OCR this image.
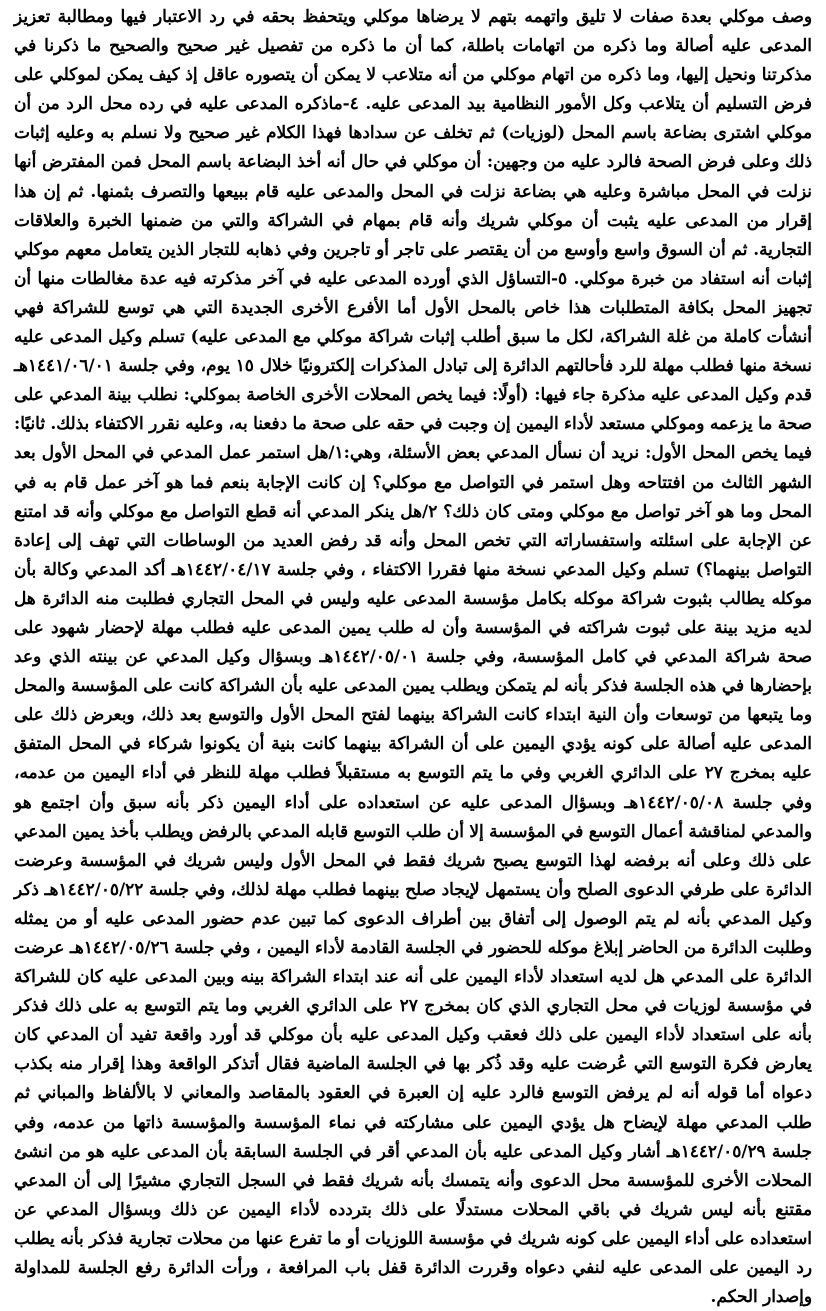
وصف موكلي بعدة صفات لا تليق واتهمه بتهم لا يرضاها موكلي ويتحفظ بحقه في رد الاعتبار فيها ومطالبة تعزيز المدعى عليه أصالة وما ذكره من اتهامات باطلة، كما أن ما ذكره من تفصيل غير صحيح والصحيح ما ذكرنا في مذكرتنا ونحيل إليها، وما ذكره من اتهام موكلي من أنه متلاعب لا يمكن أن يتصوره عاقل إذ كيف يمكن لموكلي على فرض التسليم أن يتلاعب وكل الأمور النظامية بيد المدعى عليه. ٤-ماذكره المدعى عليه في رده محل الرد من أن موكلي اشترى بضاعة باسم المحل (لوزيات) ثم تخلف عن سدادها فهذا الكلام غير صحيح ولا نسلم به وعليه إثبات ذلك وعلى فرض الصحة فالرد عليه من وجهين: أن موكلي في حال أنه أخذ البضاعة باسم المحل فمن المفترض أنها نزلت في المحل مباشرة وعليه هي بضاعة نزلت في المحل والمدعى عليه قام ببيعها والتصرف بثمنها. ثم إن هذا إقرار من المدعى عليه يثبت أن موكلي شريك وأنه قام بمهام في الشراكة والتي من ضمنها الخبرة والعلاقات التجارية. ثم أن السوق واسع وأوسع من أن يقتصر على تاجر أو تاجرين وفي ذهابه للتجار الذين يتعامل معهم موكلي إثبات أنه استفاد من خبرة موكلي. ٥-التساؤل الذي أورده المدعى عليه في آخر مذكرته فيه عدة مغالطات منها أن تجهيز المحل بكافة المتطلبات هذا خاص بالمحل الأول أما الأفرع الأخرى الجديدة التي هي توسع للشراكة فهي أنشأت كاملة من غلة الشراكة، لكل ما سبق أطلب إثبات شراكة موكلي مع المدعى عليه) تسلم وكيل المدعى عليه نسخة منها فطلب مهلة للرد فأحالتهم الدائرة إلى تبادل المذكرات إلكترونيًا خلال ١٥ يوم، وفي جلسة ١٤٤١/٠٦/٠١هـ قدم وكيل المدعى عليه مذكرة جاء فيها: (أولًا: فيما يخص المحلات الأخرى الخاصة بموكلي: نطلب بينة المدعي على صحة ما يزعمه وموكلي مستعد لأداء اليمين إن وجبت في حقه على صحة ما دفعنا به، وعليه نقرر الاكتفاء بذلك. ثانيًا: فيما يخص المحل الأول: نريد أن نسأل المدعي بعض الأسئلة، وهي:١/هل استمر عمل المدعي في المحل الأول بعد الشهر الثالث من افتتاحه وهل استمر في التواصل مع موكلي؟ إن كانت الإجابة بنعم فما هو آخر عمل قام به في المحل وما هو آخر تواصل مع موكلي ومتى كان ذلك؟ ٢/هل ينكر المدعي أنه قطع التواصل مع موكلي وأنه قد امتنع عن الإجابة على اسئلته واستفساراته التي تخص المحل وأنه قد رفض العديد من الوساطات التي تهف إلى إعادة التواصل بينهما؟) تسلم وكيل المدعي نسخة منها فقررا الاكتفاء ، وفي جلسة ١٤٤٢/٠٤/١٧هـ أكد المدعي وكالة بأن موكله يطالب بثبوت شراكة موكله بكامل مؤسسة المدعى عليه وليس في المحل التجاري فطلبت منه الدائرة هل لديه مزيد بينة على ثبوت شراكته في المؤسسة وأن له طلب يمين المدعى عليه فطلب مهلة لإحضار شهود على صحة شراكة المدعي في كامل المؤسسة، وفي جلسة ١٤٤٢/٠٥/٠١هـ وبسؤال وكيل المدعي عن بينته الذي وعد بإحضارها في هذه الجلسة فذكر بأنه لم يتمكن ويطلب يمين المدعى عليه بأن الشراكة كانت على المؤسسة والمحل وما يتبعها من توسعات وأن النية ابتداء كانت الشراكة بينهما لفتح المحل الأول والتوسع بعد ذلك، وبعرض ذلك على المدعى عليه أصالة على كونه يؤدي اليمين على أن الشراكة بينهما كانت بنية أن يكونوا شركاء في المحل المتفق عليه بمخرج ٢٧ على الدائري الغربي وفي ما يتم التوسع به مستقبلاً فطلب مهلة للنظر في أداء اليمين من عدمه، وفي جلسة ١٤٤٢/٠٥/٠٨هـ وبسؤال المدعى عليه عن استعداده على أداء اليمين ذكر بأنه سبق وأن اجتمع هو والمدعي لمناقشة أعمال التوسع في المؤسسة إلا أن طلب التوسع قابله المدعي بالرفض ويطلب بأخذ يمين المدعي على ذلك وعلى أنه برفضه لهذا التوسع يصبح شريك فقط في المحل الأول وليس شريك في المؤسسة وعرضت الدائرة على طرفي الدعوى الصلح وأن يستمهل لإيجاد صلح بينهما فطلب مهلة لذلك، وفي جلسة ١٤٤٢/٠٥/٢٢هـ ذكر وكيل المدعي بأنه لم يتم الوصول إلى أتفاق بين أطراف الدعوى كما تبين عدم حضور المدعى عليه أو من يمثله وطلبت الدائرة من الحاضر إبلاغ موكله للحضور في الجلسة القادمة لأداء اليمين ، وفي جلسة ١٤٤٢/٠٥/٢٦هـ عرضت الدائرة على المدعي هل لديه استعداد لأداء اليمين على أنه عند ابتداء الشراكة بينه وبين المدعى عليه كان للشراكة في مؤسسة لوزيات في محل التجاري الذي كان بمخرج ٢٧ على الدائري الغربي وما يتم التوسع به على ذلك فذكر بأنه على استعداد لأداء اليمين على ذلك فعقب وكيل المدعى عليه بأن موكلي قد أورد واقعة تفيد أن المدعي كان يعارض فكرة التوسع التي عُرضت عليه وقد ذُكر بها في الجلسة الماضية فقال أتذكر الواقعة وهذا إقرار منه بكذب دعواه أما قوله أنه لم يرفض التوسع فالرد عليه إن العبرة في العقود بالمقاصد والمعاني لا بالألفاظ والمباني ثم طلب المدعي مهلة لإيضاح هل يؤدي اليمين على مشاركته في نماء المؤسسة والمؤسسة ذاتها من عدمه، وفي جلسة ١٤٤٢/٠٥/٢٩هـ أشار وكيل المدعى عليه بأن المدعي أقر في الجلسة السابقة بأن المدعى عليه هو من انشئ المحلات الأخرى للمؤسسة محل الدعوى وأنه يتمسك بأنه شريك فقط في السجل التجاري مشيرًا إلى أن المدعي مقتنع بأنه ليس شريك في باقي المحلات مستدلًا على ذلك بتردده لأداء اليمين عن ذلك وبسؤال المدعي عن استعداده على أداء اليمين على كونه شريك في مؤسسة اللوزيات أو ما تفرع عنها من محلات تجارية فذكر بأنه يطلب رد اليمين على المدعى عليه لنفي دعواه وقررت الدائرة قفل باب المرافعة ، ورأت الدائرة رفع الجلسة للمداولة وإصدار الحكم.
